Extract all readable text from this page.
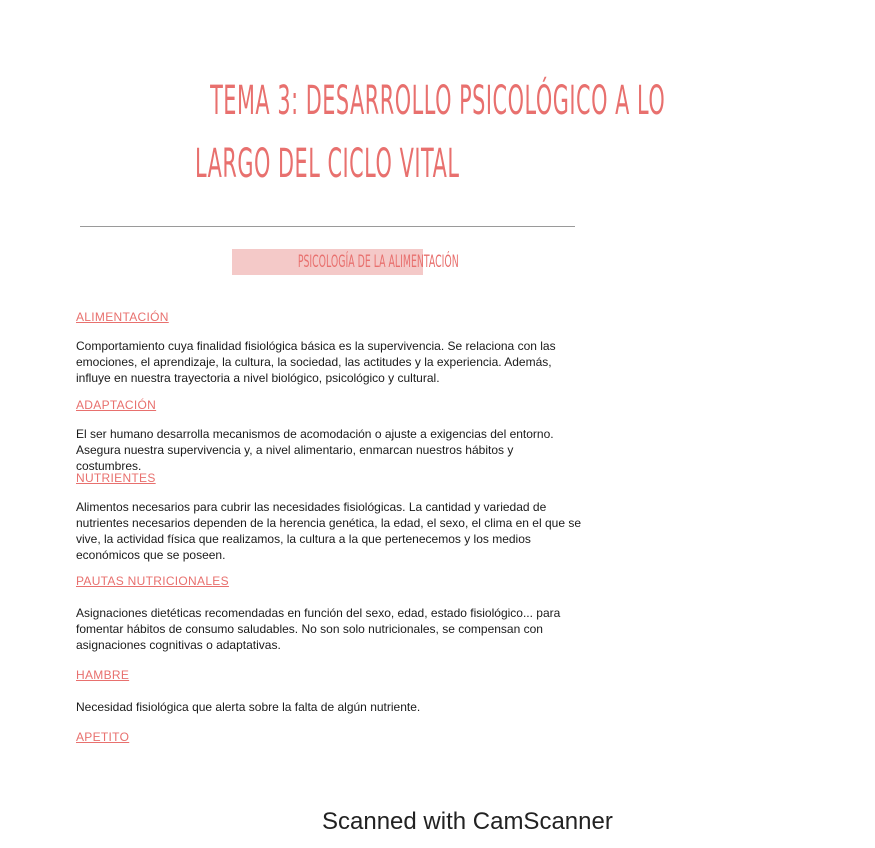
TEMA 3: DESARROLLO PSICOLÓGICO A LO
LARGO DEL CICLO VITAL
PSICOLOGÍA DE LA ALIMENTACIÓN
ALIMENTACIÓN
Comportamiento cuya finalidad fisiológica básica es la supervivencia. Se relaciona con las emociones, el aprendizaje, la cultura, la sociedad, las actitudes y la experiencia. Además, influye en nuestra trayectoria a nivel biológico, psicológico y cultural.
ADAPTACIÓN
El ser humano desarrolla mecanismos de acomodación o ajuste a exigencias del entorno. Asegura nuestra supervivencia y, a nivel alimentario, enmarcan nuestros hábitos y costumbres.
NUTRIENTES
Alimentos necesarios para cubrir las necesidades fisiológicas. La cantidad y variedad de nutrientes necesarios dependen de la herencia genética, la edad, el sexo, el clima en el que se vive, la actividad física que realizamos, la cultura a la que pertenecemos y los medios económicos que se poseen.
PAUTAS NUTRICIONALES
Asignaciones dietéticas recomendadas en función del sexo, edad, estado fisiológico... para fomentar hábitos de consumo saludables. No son solo nutricionales, se compensan con asignaciones cognitivas o adaptativas.
HAMBRE
Necesidad fisiológica que alerta sobre la falta de algún nutriente.
APETITO
Scanned with CamScanner
